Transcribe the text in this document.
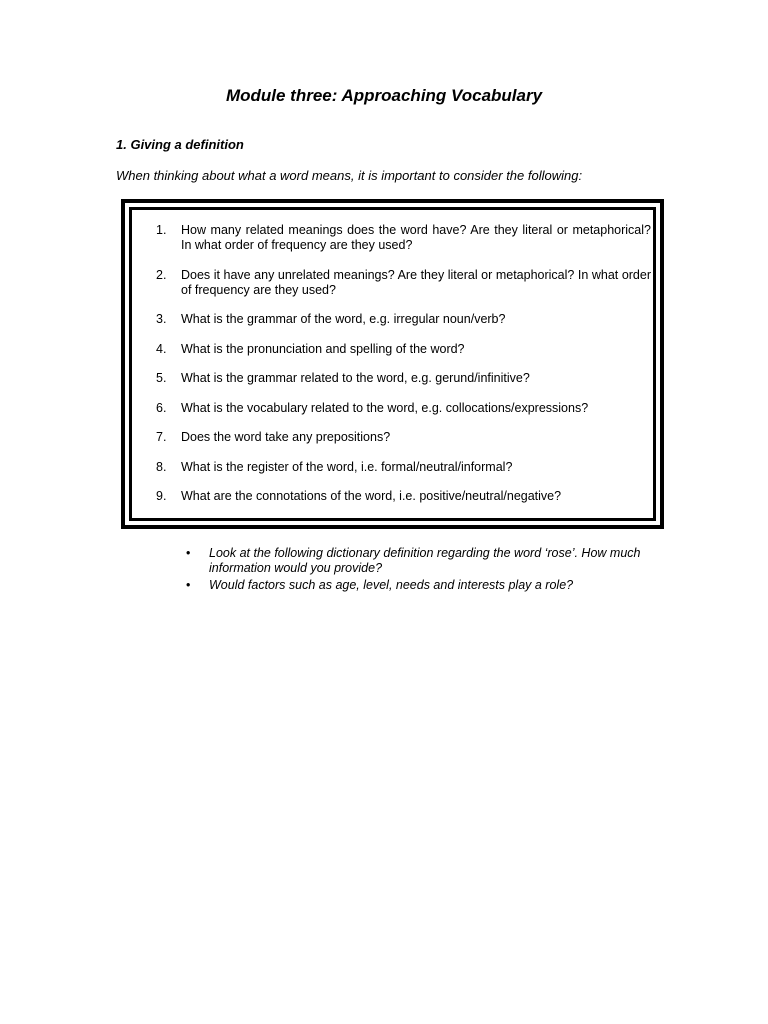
Module three: Approaching Vocabulary

1. Giving a definition

When thinking about what a word means, it is important to consider the following:

1. How many related meanings does the word have? Are they literal or metaphorical? In what order of frequency are they used?
2. Does it have any unrelated meanings? Are they literal or metaphorical? In what order of frequency are they used?
3. What is the grammar of the word, e.g. irregular noun/verb?
4. What is the pronunciation and spelling of the word?
5. What is the grammar related to the word, e.g. gerund/infinitive?
6. What is the vocabulary related to the word, e.g. collocations/expressions?
7. Does the word take any prepositions?
8. What is the register of the word, i.e. formal/neutral/informal?
9. What are the connotations of the word, i.e. positive/neutral/negative?
• Look at the following dictionary definition regarding the word ‘rose’. How much information would you provide?
• Would factors such as age, level, needs and interests play a role?
